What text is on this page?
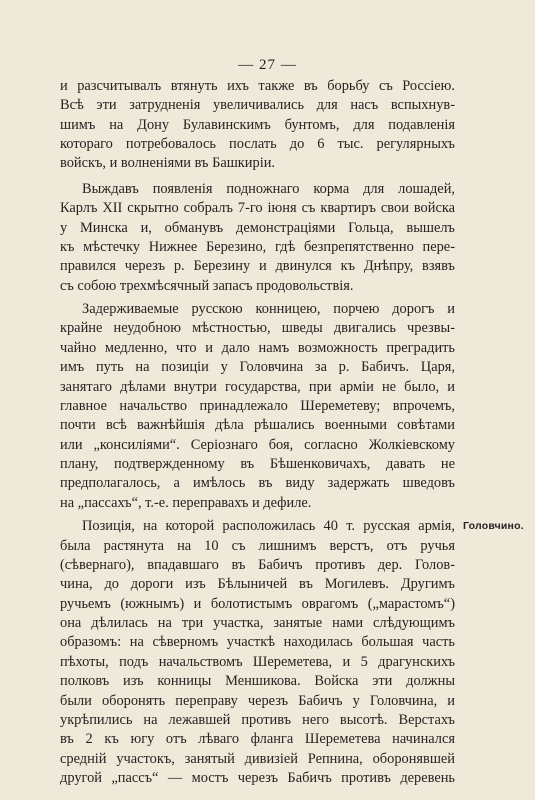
— 27 —
и разсчитывалъ втянуть ихъ также въ борьбу съ Россіею.
Всѣ эти затрудненія увеличивались для насъ вспыхнув-
шимъ на Дону Булавинскимъ бунтомъ, для подавленія
котораго потребовалось послать до 6 тыс. регулярныхъ
войскъ, и волненіями въ Башкиріи.
Выждавъ появленія подножнаго корма для лошадей,
Карлъ XII скрытно собралъ 7-го іюня съ квартиръ свои войска
у Минска и, обманувъ демонстраціями Гольца, вышелъ
къ мѣстечку Нижнее Березино, гдѣ безпрепятственно пере-
правился черезъ р. Березину и двинулся къ Днѣпру, взявъ
съ собою трехмѣсячный запасъ продовольствія.
Задерживаемые русскою конницею, порчею дорогъ и
крайне неудобною мѣстностью, шведы двигались чрезвы-
чайно медленно, что и дало намъ возможность преградить
имъ путь на позиціи у Головчина за р. Бабичъ. Царя,
занятаго дѣлами внутри государства, при арміи не было, и
главное начальство принадлежало Шереметеву; впрочемъ,
почти всѣ важнѣйшія дѣла рѣшались военными совѣтами
или „консиліями“. Серіознаго боя, согласно Жолкіевскому
плану, подтвержденному въ Бѣшенковичахъ, давать не
предполагалось, а имѣлось въ виду задержать шведовъ
на „пассахъ“, т.-е. переправахъ и дефиле.
Головчино.
Позиція, на которой расположилась 40 т. русская армія,
была растянута на 10 съ лишнимъ верстъ, отъ ручья
(сѣвернаго), впадавшаго въ Бабичъ противъ дер. Голов-
чина, до дороги изъ Бѣлыничей въ Могилевъ. Другимъ
ручьемъ (южнымъ) и болотистымъ оврагомъ („марастомъ“)
она дѣлилась на три участка, занятые нами слѣдующимъ
образомъ: на сѣверномъ участкѣ находилась большая часть
пѣхоты, подъ начальствомъ Шереметева, и 5 драгунскихъ
полковъ изъ конницы Меншикова. Войска эти должны
были оборонять переправу черезъ Бабичъ у Головчина, и
укрѣпились на лежавшей противъ него высотѣ. Верстахъ
въ 2 къ югу отъ лѣваго фланга Шереметева начинался
средній участокъ, занятый дивизіей Репнина, оборонявшей
другой „пассъ“ — мостъ черезъ Бабичъ противъ деревень
